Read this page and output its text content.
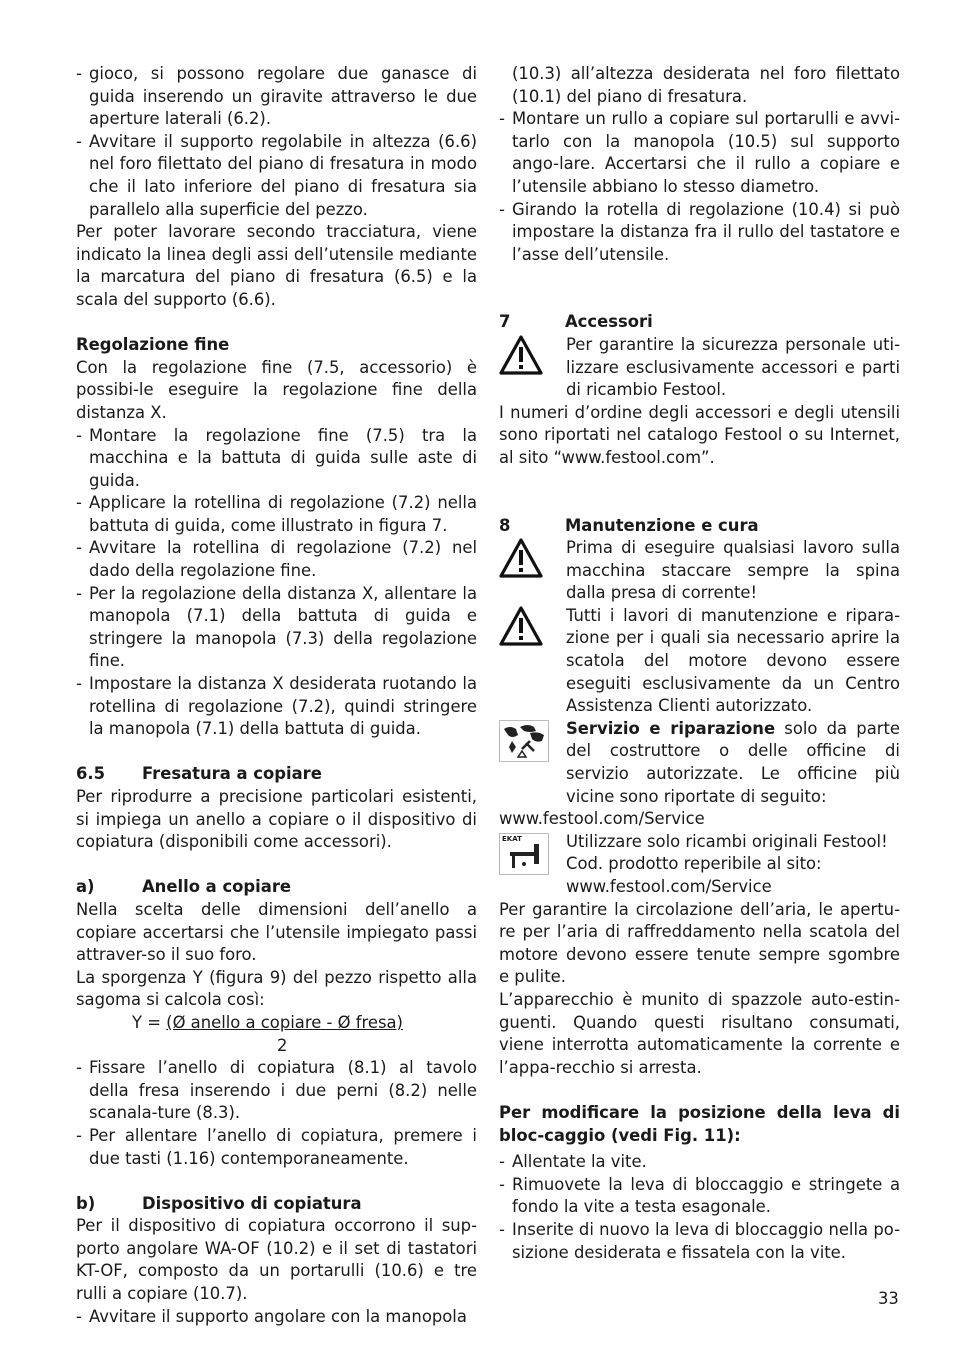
- gioco, si possono regolare due ganasce di guida inserendo un giravite attraverso le due aperture laterali (6.2).

- Avvitare il supporto regolabile in altezza (6.6) nel foro filettato del piano di fresatura in modo che il lato inferiore del piano di fresatura sia parallelo alla superficie del pezzo.

Per poter lavorare secondo tracciatura, viene indicato la linea degli assi dell’utensile mediante la marcatura del piano di fresatura (6.5) e la scala del supporto (6.6).

Regolazione fine

Con la regolazione fine (7.5, accessorio) è possibi-le eseguire la regolazione fine della distanza X.

- Montare la regolazione fine (7.5) tra la macchina e la battuta di guida sulle aste di guida.
- Applicare la rotellina di regolazione (7.2) nella battuta di guida, come illustrato in figura 7.
- Avvitare la rotellina di regolazione (7.2) nel dado della regolazione fine.
- Per la regolazione della distanza X, allentare la manopola (7.1) della battuta di guida e stringere la manopola (7.3) della regolazione fine.
- Impostare la distanza X desiderata ruotando la rotellina di regolazione (7.2), quindi stringere la manopola (7.1) della battuta di guida.

6.5 Fresatura a copiare

Per riprodurre a precisione particolari esistenti, si impiega un anello a copiare o il dispositivo di copiatura (disponibili come accessori).

a)	Anello a copiare

Nella scelta delle dimensioni dell’anello a copiare accertarsi che l’utensile impiegato passi attraver-so il suo foro.

La sporgenza Y (figura 9) del pezzo rispetto alla sagoma si calcola così:

Y = (Ø anello a copiare - Ø fresa)
2
- Fissare l’anello di copiatura (8.1) al tavolo della fresa inserendo i due perni (8.2) nelle scanala-ture (8.3).
- Per allentare l’anello di copiatura, premere i due tasti (1.16) contemporaneamente.

b)	Dispositivo di copiatura

Per il dispositivo di copiatura occorrono il sup-porto angolare WA-OF (10.2) e il set di tastatori KT-OF, composto da un portarulli (10.6) e tre rulli a copiare (10.7).

- Avvitare il supporto angolare con la manopola

(10.3) all’altezza desiderata nel foro filettato (10.1) del piano di fresatura.

- Montare un rullo a copiare sul portarulli e avvi-tarlo con la manopola (10.5) sul supporto ango-lare. Accertarsi che il rullo a copiare e l’utensile abbiano lo stesso diametro.
- Girando la rotella di regolazione (10.4) si può impostare la distanza fra il rullo del tastatore e l’asse dell’utensile.

7	Accessori

Per garantire la sicurezza personale uti-lizzare esclusivamente accessori e parti di ricambio Festool.

I numeri d’ordine degli accessori e degli utensili sono riportati nel catalogo Festool o su Internet, al sito “www.festool.com”.

8	Manutenzione e cura

Prima di eseguire qualsiasi lavoro sulla macchina staccare sempre la spina dalla presa di corrente!
Tutti i lavori di manutenzione e ripara-zione per i quali sia necessario aprire la scatola del motore devono essere eseguiti esclusivamente da un Centro Assistenza Clienti autorizzato.
Servizio e riparazione solo da parte del costruttore o delle officine di servizio autorizzate. Le officine più vicine sono riportate di seguito:

www.festool.com/Service

EKAT	Utilizzare solo ricambi originali Festool!
Cod. prodotto reperibile al sito:
www.festool.com/Service

Per garantire la circolazione dell’aria, le apertu-re per l’aria di raffreddamento nella scatola del motore devono essere tenute sempre sgombre e pulite.

L’apparecchio è munito di spazzole auto-estin-guenti. Quando questi risultano consumati, viene interrotta automaticamente la corrente e l’appa-recchio si arresta.

Per modificare la posizione della leva di bloc-caggio (vedi Fig. 11):

- Allentate la vite.
- Rimuovete la leva di bloccaggio e stringete a fondo la vite a testa esagonale.
- Inserite di nuovo la leva di bloccaggio nella po-sizione desiderata e fissatela con la vite.
33
